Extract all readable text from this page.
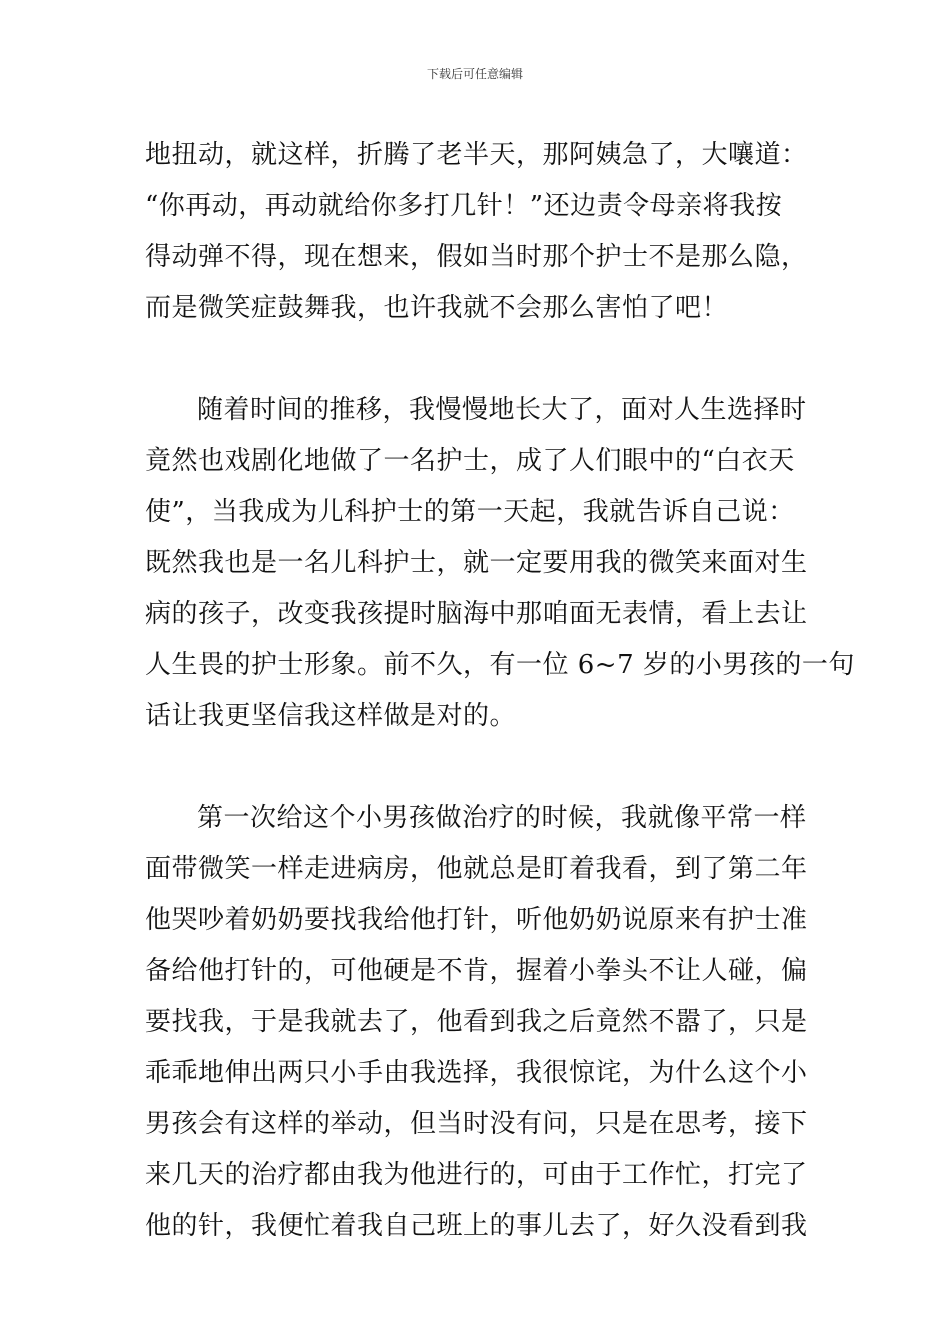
下载后可任意编辑
地扭动，就这样，折腾了老半天，那阿姨急了，大嚷道：
“你再动，再动就给你多打几针！”还边责令母亲将我按
得动弹不得，现在想来，假如当时那个护士不是那么隐，
而是微笑症鼓舞我，也许我就不会那么害怕了吧！
随着时间的推移，我慢慢地长大了，面对人生选择时
竟然也戏剧化地做了一名护士，成了人们眼中的“白衣天
使”，当我成为儿科护士的第一天起，我就告诉自己说：
既然我也是一名儿科护士，就一定要用我的微笑来面对生
病的孩子，改变我孩提时脑海中那咱面无表情，看上去让
人生畏的护士形象。前不久，有一位 6~7 岁的小男孩的一句
话让我更坚信我这样做是对的。
第一次给这个小男孩做治疗的时候，我就像平常一样
面带微笑一样走进病房，他就总是盯着我看，到了第二年
他哭吵着奶奶要找我给他打针，听他奶奶说原来有护士准
备给他打针的，可他硬是不肯，握着小拳头不让人碰，偏
要找我，于是我就去了，他看到我之后竟然不嚣了，只是
乖乖地伸出两只小手由我选择，我很惊诧，为什么这个小
男孩会有这样的举动，但当时没有问，只是在思考，接下
来几天的治疗都由我为他进行的，可由于工作忙，打完了
他的针，我便忙着我自己班上的事儿去了，好久没看到我
